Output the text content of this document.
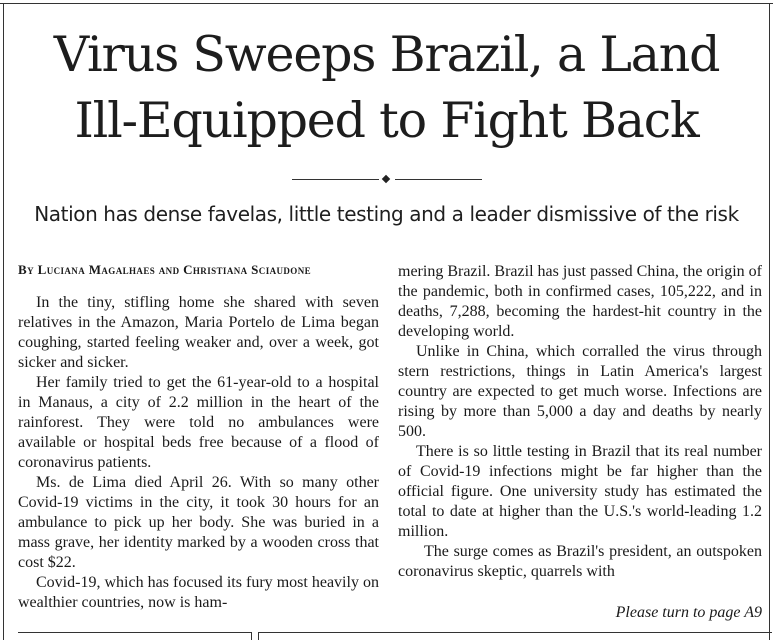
Virus Sweeps Brazil, a Land
Ill-Equipped to Fight Back

Nation has dense favelas, little testing and a leader dismissive of the risk

By Luciana Magalhaes and Christiana Sciaudone

In the tiny, stifling home she shared with seven relatives in the Amazon, Maria Portelo de Lima began coughing, started feeling weaker and, over a week, got sicker and sicker.

Her family tried to get the 61-year-old to a hospital in Manaus, a city of 2.2 million in the heart of the rainforest. They were told no ambulances were available or hospital beds free because of a flood of coronavirus patients.

Ms. de Lima died April 26. With so many other Covid-19 victims in the city, it took 30 hours for an ambulance to pick up her body. She was buried in a mass grave, her identity marked by a wooden cross that cost $22.

Covid-19, which has focused its fury most heavily on wealthier countries, now is ham-

mering Brazil. Brazil has just passed China, the origin of the pandemic, both in confirmed cases, 105,222, and in deaths, 7,288, becoming the hardest-hit country in the developing world.

Unlike in China, which corralled the virus through stern restrictions, things in Latin America's largest country are expected to get much worse. Infections are rising by more than 5,000 a day and deaths by nearly 500.

There is so little testing in Brazil that its real number of Covid-19 infections might be far higher than the official figure. One university study has estimated the total to date at higher than the U.S.'s world-leading 1.2 million.

The surge comes as Brazil's president, an outspoken coronavirus skeptic, quarrels with

Please turn to page A9
